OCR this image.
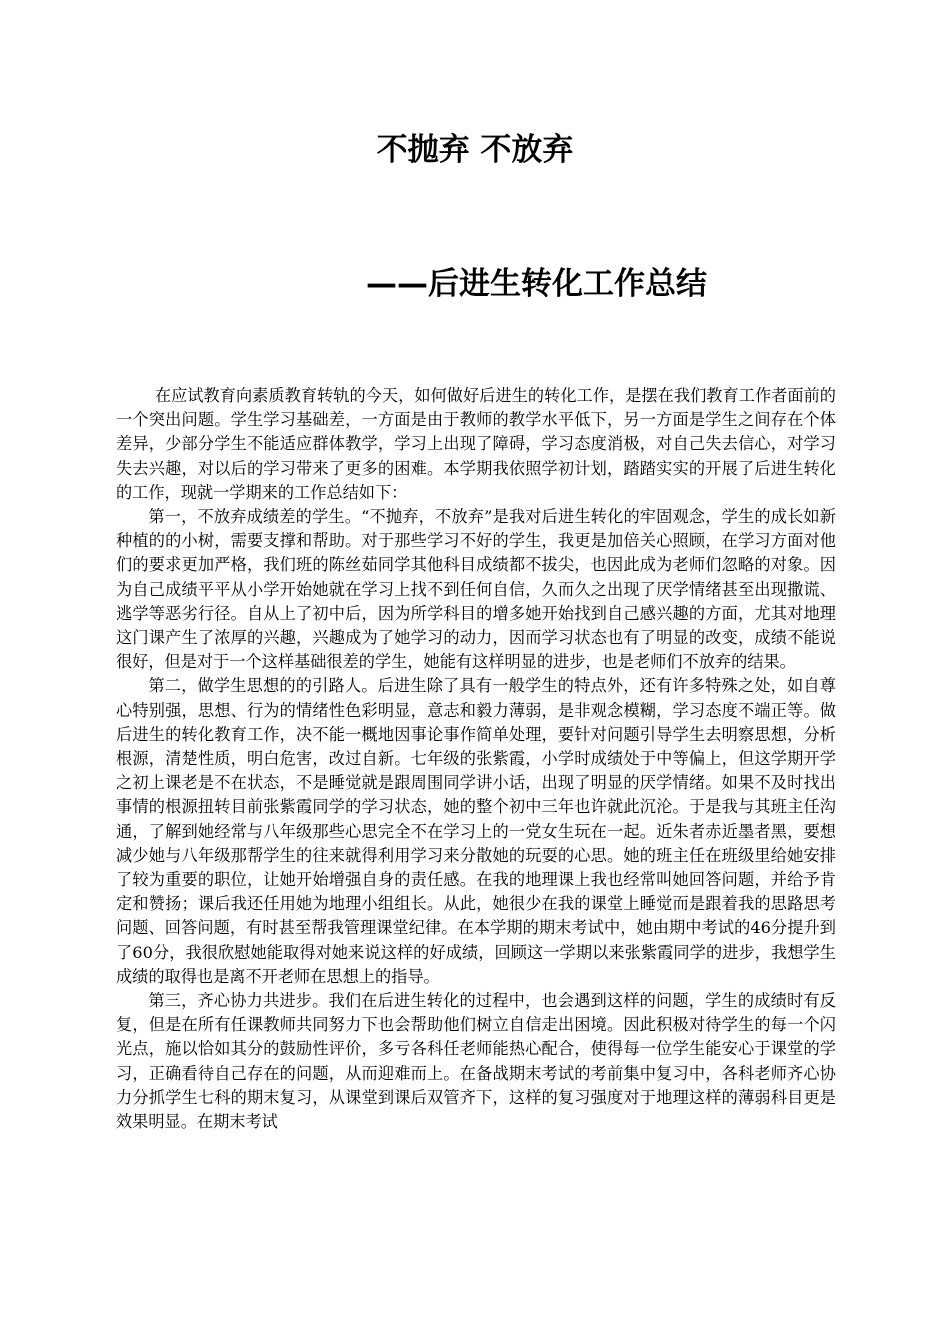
不抛弃 不放弃
——后进生转化工作总结

在应试教育向素质教育转轨的今天，如何做好后进生的转化工作，是摆在我们教育工作者面前的一个突出问题。学生学习基础差，一方面是由于教师的教学水平低下，另一方面是学生之间存在个体差异，少部分学生不能适应群体教学，学习上出现了障碍，学习态度消极，对自己失去信心，对学习失去兴趣，对以后的学习带来了更多的困难。本学期我依照学初计划，踏踏实实的开展了后进生转化的工作，现就一学期来的工作总结如下：

第一，不放弃成绩差的学生。“不抛弃，不放弃”是我对后进生转化的牢固观念，学生的成长如新种植的的小树，需要支撑和帮助。对于那些学习不好的学生，我更是加倍关心照顾，在学习方面对他们的要求更加严格，我们班的陈丝茹同学其他科目成绩都不拔尖，也因此成为老师们忽略的对象。因为自己成绩平平从小学开始她就在学习上找不到任何自信，久而久之出现了厌学情绪甚至出现撒谎、逃学等恶劣行径。自从上了初中后，因为所学科目的增多她开始找到自己感兴趣的方面，尤其对地理这门课产生了浓厚的兴趣，兴趣成为了她学习的动力，因而学习状态也有了明显的改变，成绩不能说很好，但是对于一个这样基础很差的学生，她能有这样明显的进步，也是老师们不放弃的结果。

第二，做学生思想的的引路人。后进生除了具有一般学生的特点外，还有许多特殊之处，如自尊心特别强，思想、行为的情绪性色彩明显，意志和毅力薄弱，是非观念模糊，学习态度不端正等。做后进生的转化教育工作，决不能一概地因事论事作简单处理，要针对问题引导学生去明察思想，分析根源，清楚性质，明白危害，改过自新。七年级的张紫霞，小学时成绩处于中等偏上，但这学期开学之初上课老是不在状态，不是睡觉就是跟周围同学讲小话，出现了明显的厌学情绪。如果不及时找出事情的根源扭转目前张紫霞同学的学习状态，她的整个初中三年也许就此沉沦。于是我与其班主任沟通，了解到她经常与八年级那些心思完全不在学习上的一党女生玩在一起。近朱者赤近墨者黑，要想减少她与八年级那帮学生的往来就得利用学习来分散她的玩耍的心思。她的班主任在班级里给她安排了较为重要的职位，让她开始增强自身的责任感。在我的地理课上我也经常叫她回答问题，并给予肯定和赞扬；课后我还任用她为地理小组组长。从此，她很少在我的课堂上睡觉而是跟着我的思路思考问题、回答问题，有时甚至帮我管理课堂纪律。在本学期的期末考试中，她由期中考试的46分提升到了60分，我很欣慰她能取得对她来说这样的好成绩，回顾这一学期以来张紫霞同学的进步，我想学生成绩的取得也是离不开老师在思想上的指导。

第三，齐心协力共进步。我们在后进生转化的过程中，也会遇到这样的问题，学生的成绩时有反复，但是在所有任课教师共同努力下也会帮助他们树立自信走出困境。因此积极对待学生的每一个闪光点，施以恰如其分的鼓励性评价，多亏各科任老师能热心配合，使得每一位学生能安心于课堂的学习，正确看待自己存在的问题，从而迎难而上。在备战期末考试的考前集中复习中，各科老师齐心协力分抓学生七科的期末复习，从课堂到课后双管齐下，这样的复习强度对于地理这样的薄弱科目更是效果明显。在期末考试
